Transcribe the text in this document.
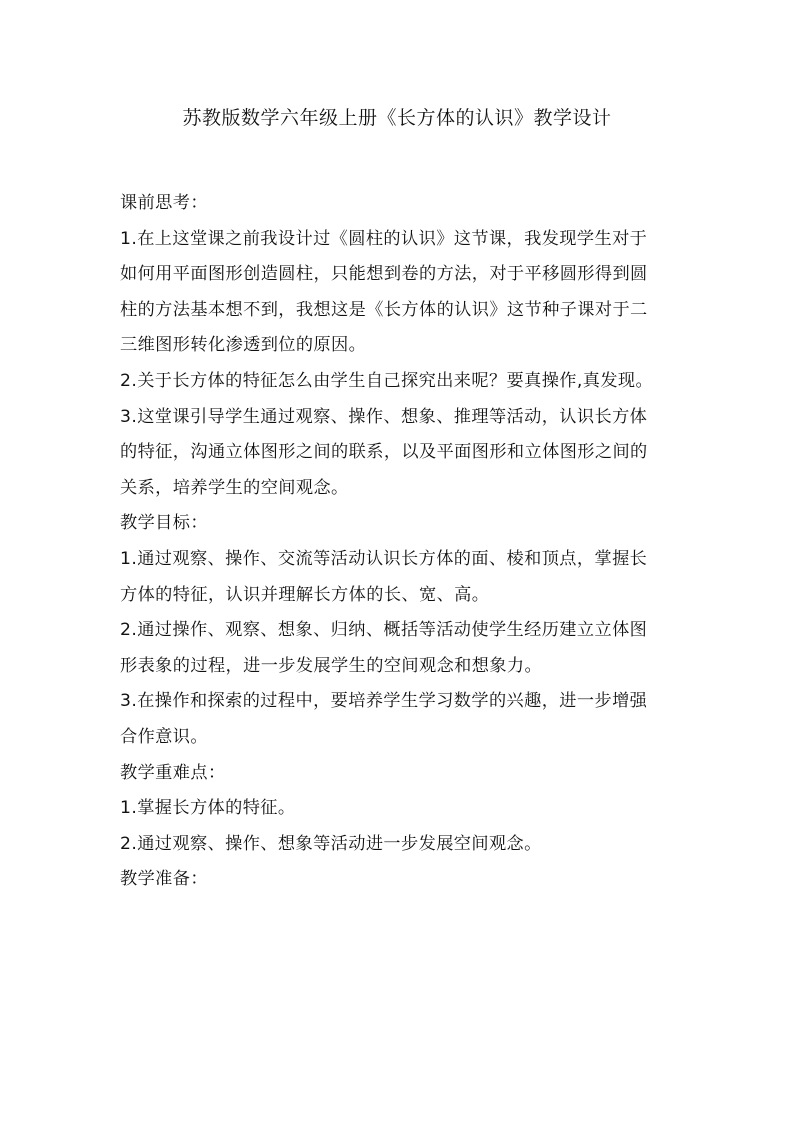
苏教版数学六年级上册《长方体的认识》教学设计
课前思考：
1.在上这堂课之前我设计过《圆柱的认识》这节课，我发现学生对于
如何用平面图形创造圆柱，只能想到卷的方法，对于平移圆形得到圆
柱的方法基本想不到，我想这是《长方体的认识》这节种子课对于二
三维图形转化渗透到位的原因。
2.关于长方体的特征怎么由学生自己探究出来呢？要真操作,真发现。
3.这堂课引导学生通过观察、操作、想象、推理等活动，认识长方体
的特征，沟通立体图形之间的联系，以及平面图形和立体图形之间的
关系，培养学生的空间观念。
教学目标：
1.通过观察、操作、交流等活动认识长方体的面、棱和顶点，掌握长
方体的特征，认识并理解长方体的长、宽、高。
2.通过操作、观察、想象、归纳、概括等活动使学生经历建立立体图
形表象的过程，进一步发展学生的空间观念和想象力。
3.在操作和探索的过程中，要培养学生学习数学的兴趣，进一步增强
合作意识。
教学重难点：
1.掌握长方体的特征。
2.通过观察、操作、想象等活动进一步发展空间观念。
教学准备：
